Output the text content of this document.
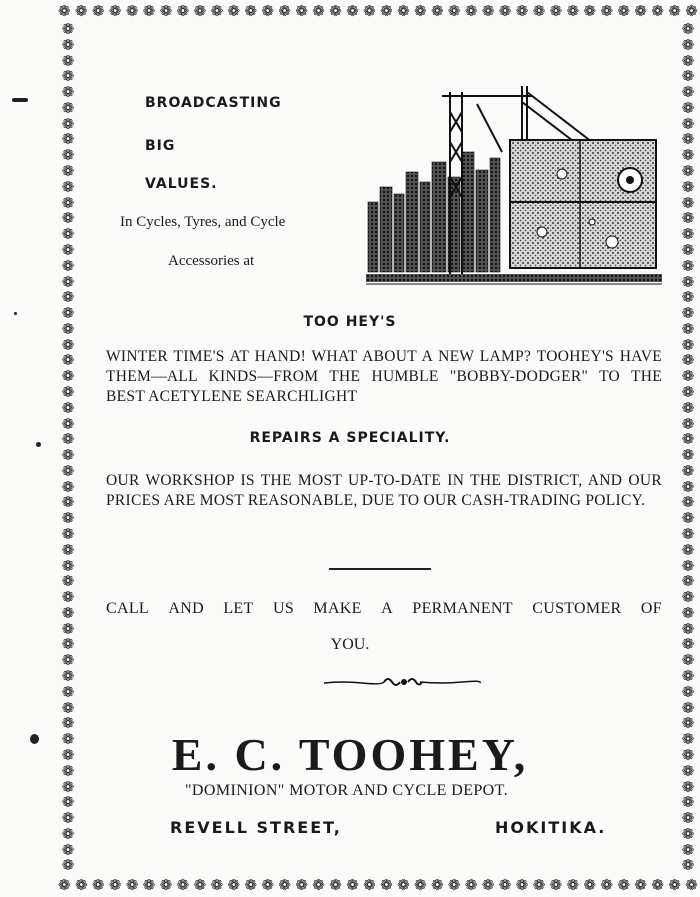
❁ ❁ ❁ ❁ ❁ ❁ ❁ ❁ ❁ ❁ ❁ ❁ ❁ ❁ ❁ ❁ ❁ ❁ ❁ ❁ ❁ ❁ ❁ ❁ ❁ ❁ ❁ ❁ ❁ ❁ ❁ ❁ ❁ ❁ ❁ ❁ ❁ ❁
❁ ❁ ❁ ❁ ❁ ❁ ❁ ❁ ❁ ❁ ❁ ❁ ❁ ❁ ❁ ❁ ❁ ❁ ❁ ❁ ❁ ❁ ❁ ❁ ❁ ❁ ❁ ❁ ❁ ❁ ❁ ❁ ❁ ❁ ❁ ❁ ❁ ❁
❁
❁
❁
❁
❁
❁
❁
❁
❁
❁
❁
❁
❁
❁
❁
❁
❁
❁
❁
❁
❁
❁
❁
❁
❁
❁
❁
❁
❁
❁
❁
❁
❁
❁
❁
❁
❁
❁
❁
❁
❁
❁
❁
❁
❁
❁
❁
❁
❁
❁
❁
❁
❁
❁
❁
❁
❁
❁
❁
❁
❁
❁
❁
❁
❁
❁
❁
❁
❁
❁
❁
❁
❁
❁
❁
❁
❁
❁
❁
❁
❁
❁
❁
❁
❁
❁
❁
❁
❁
❁
❁
❁
❁
❁
❁
❁
❁
❁
❁
❁
❁
❁
❁
❁
❁
❁
❁
❁
BROADCASTING
BIG
VALUES.
In Cycles, Tyres, and Cycle
Accessories at
TOO HEY'S
WINTER TIME'S AT HAND! WHAT ABOUT A NEW LAMP? TOOHEY'S HAVE THEM—ALL KINDS—FROM THE HUMBLE "BOBBY-DODGER" TO THE BEST ACETYLENE SEARCHLIGHT
REPAIRS A SPECIALITY.
OUR WORKSHOP IS THE MOST UP-TO-DATE IN THE DISTRICT, AND OUR PRICES ARE MOST REASONABLE, DUE TO OUR CASH-TRADING POLICY.
CALL AND LET US MAKE A PERMANENT CUSTOMER OF
YOU.
E. C. TOOHEY,
"DOMINION" MOTOR AND CYCLE DEPOT.
REVELL STREET,	HOKITIKA.
